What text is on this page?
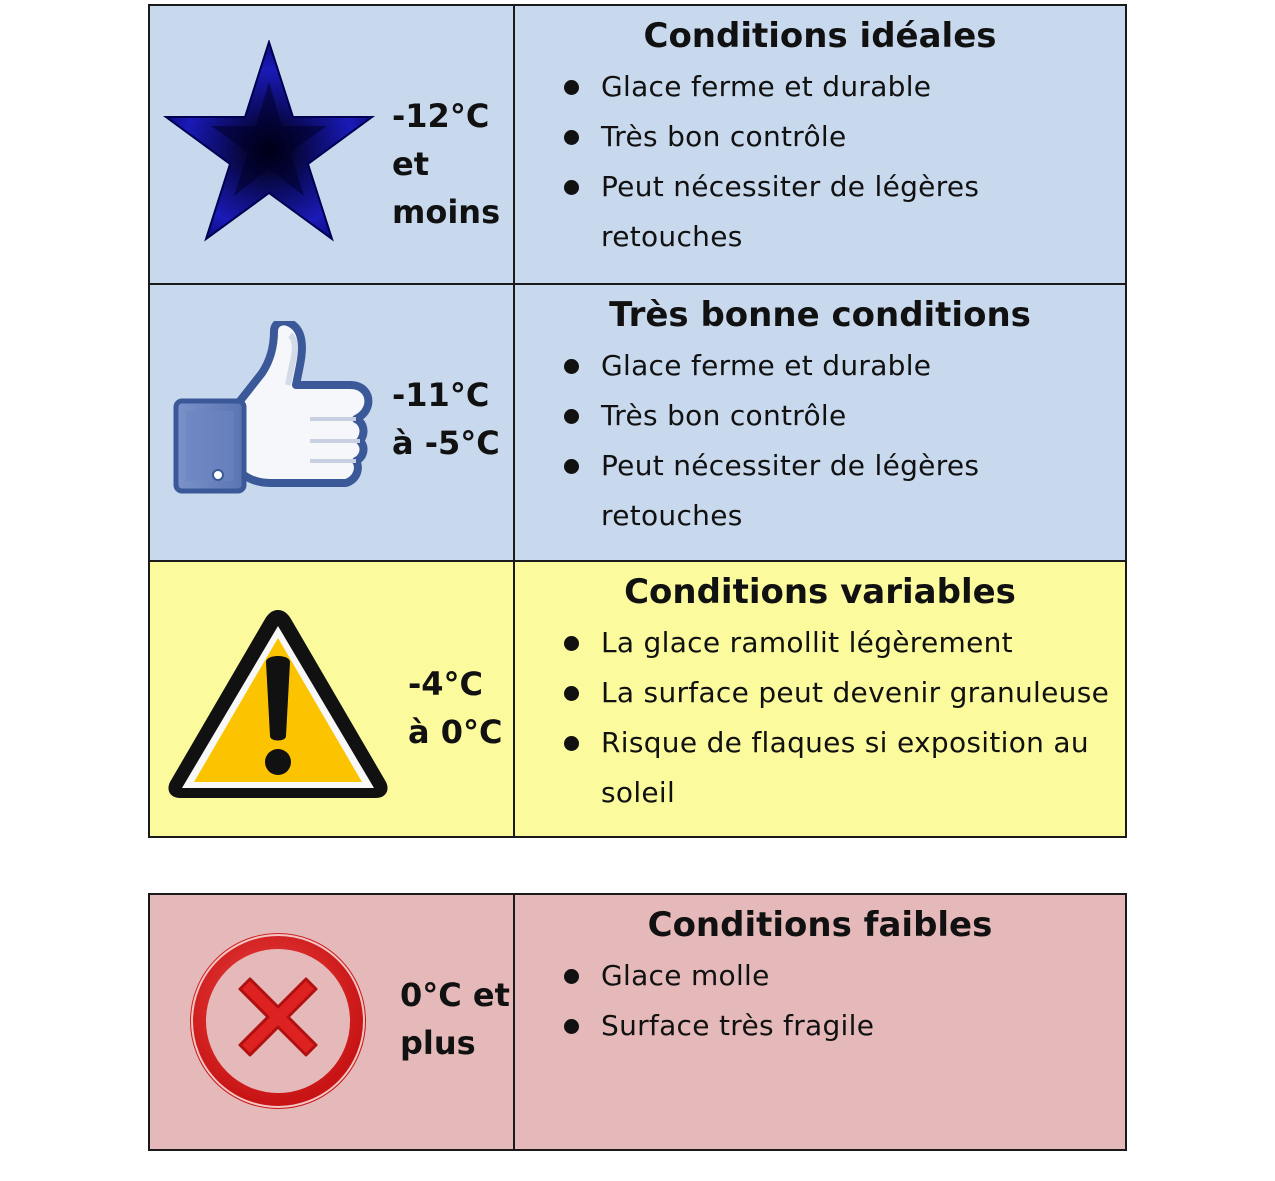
-12°C
et
moins
Conditions idéales
Glace ferme et durable
Très bon contrôle
Peut nécessiter de légères retouches
-11°C
à -5°C
Très bonne conditions
Glace ferme et durable
Très bon contrôle
Peut nécessiter de légères retouches
-4°C
à 0°C
Conditions variables
La glace ramollit légèrement
La surface peut devenir granuleuse
Risque de flaques si exposition au soleil
0°C et
plus
Conditions faibles
Glace molle
Surface très fragile
